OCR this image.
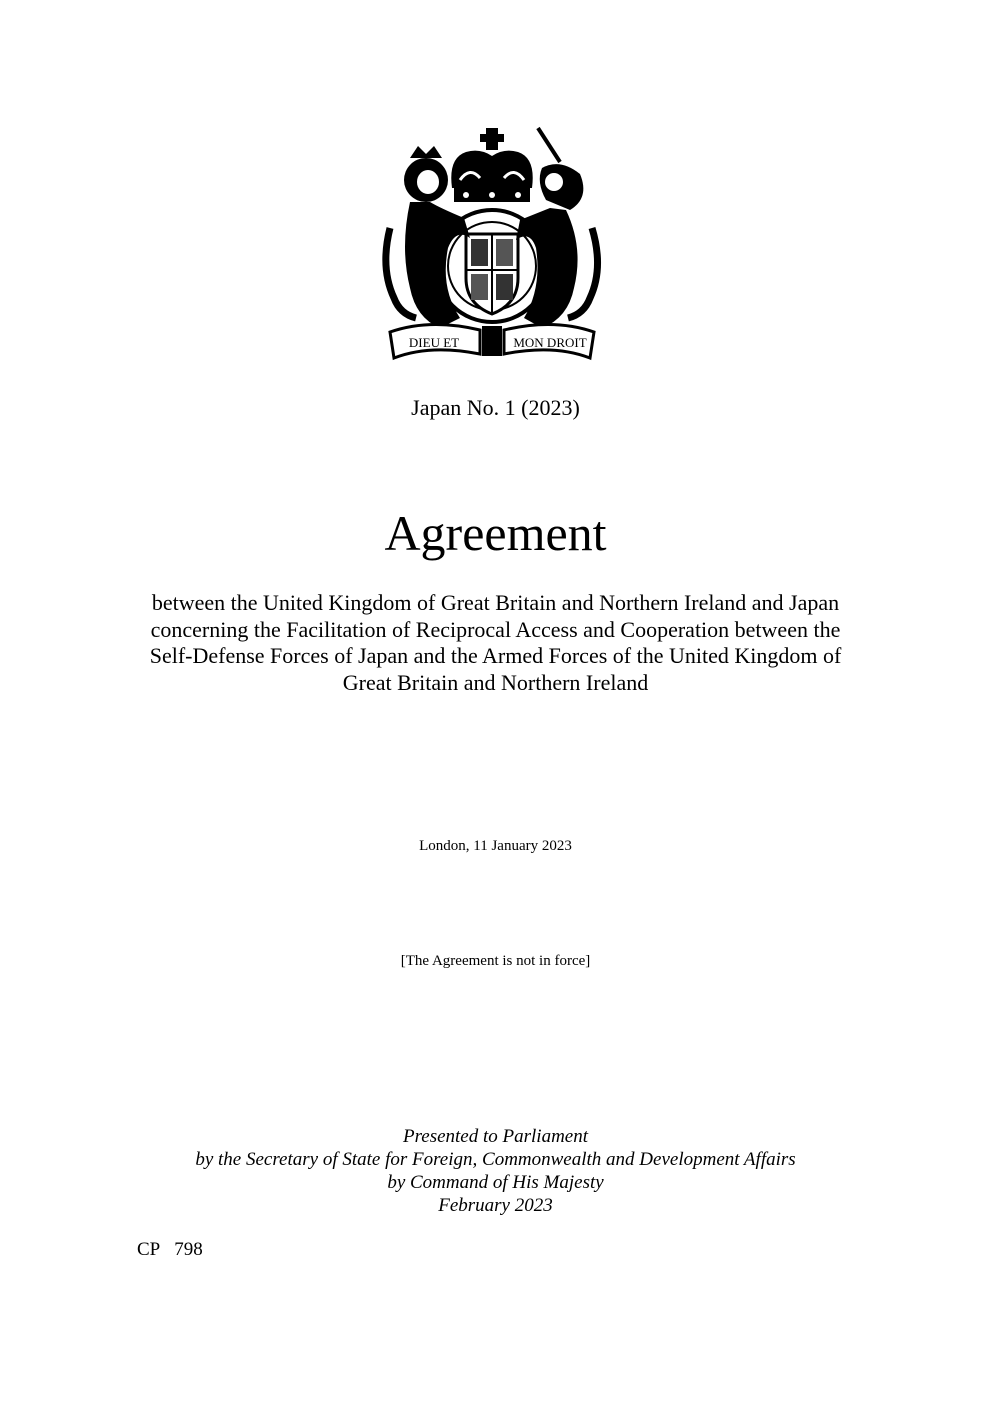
DIEU ET	MON DROIT
Japan No. 1 (2023)
Agreement
between the United Kingdom of Great Britain and Northern Ireland and Japan concerning the Facilitation of Reciprocal Access and Cooperation between the Self-Defense Forces of Japan and the Armed Forces of the United Kingdom of Great Britain and Northern Ireland
London, 11 January 2023
[The Agreement is not in force]
Presented to Parliament
by the Secretary of State for Foreign, Commonwealth and Development Affairs
by Command of His Majesty
February 2023
CP 798
